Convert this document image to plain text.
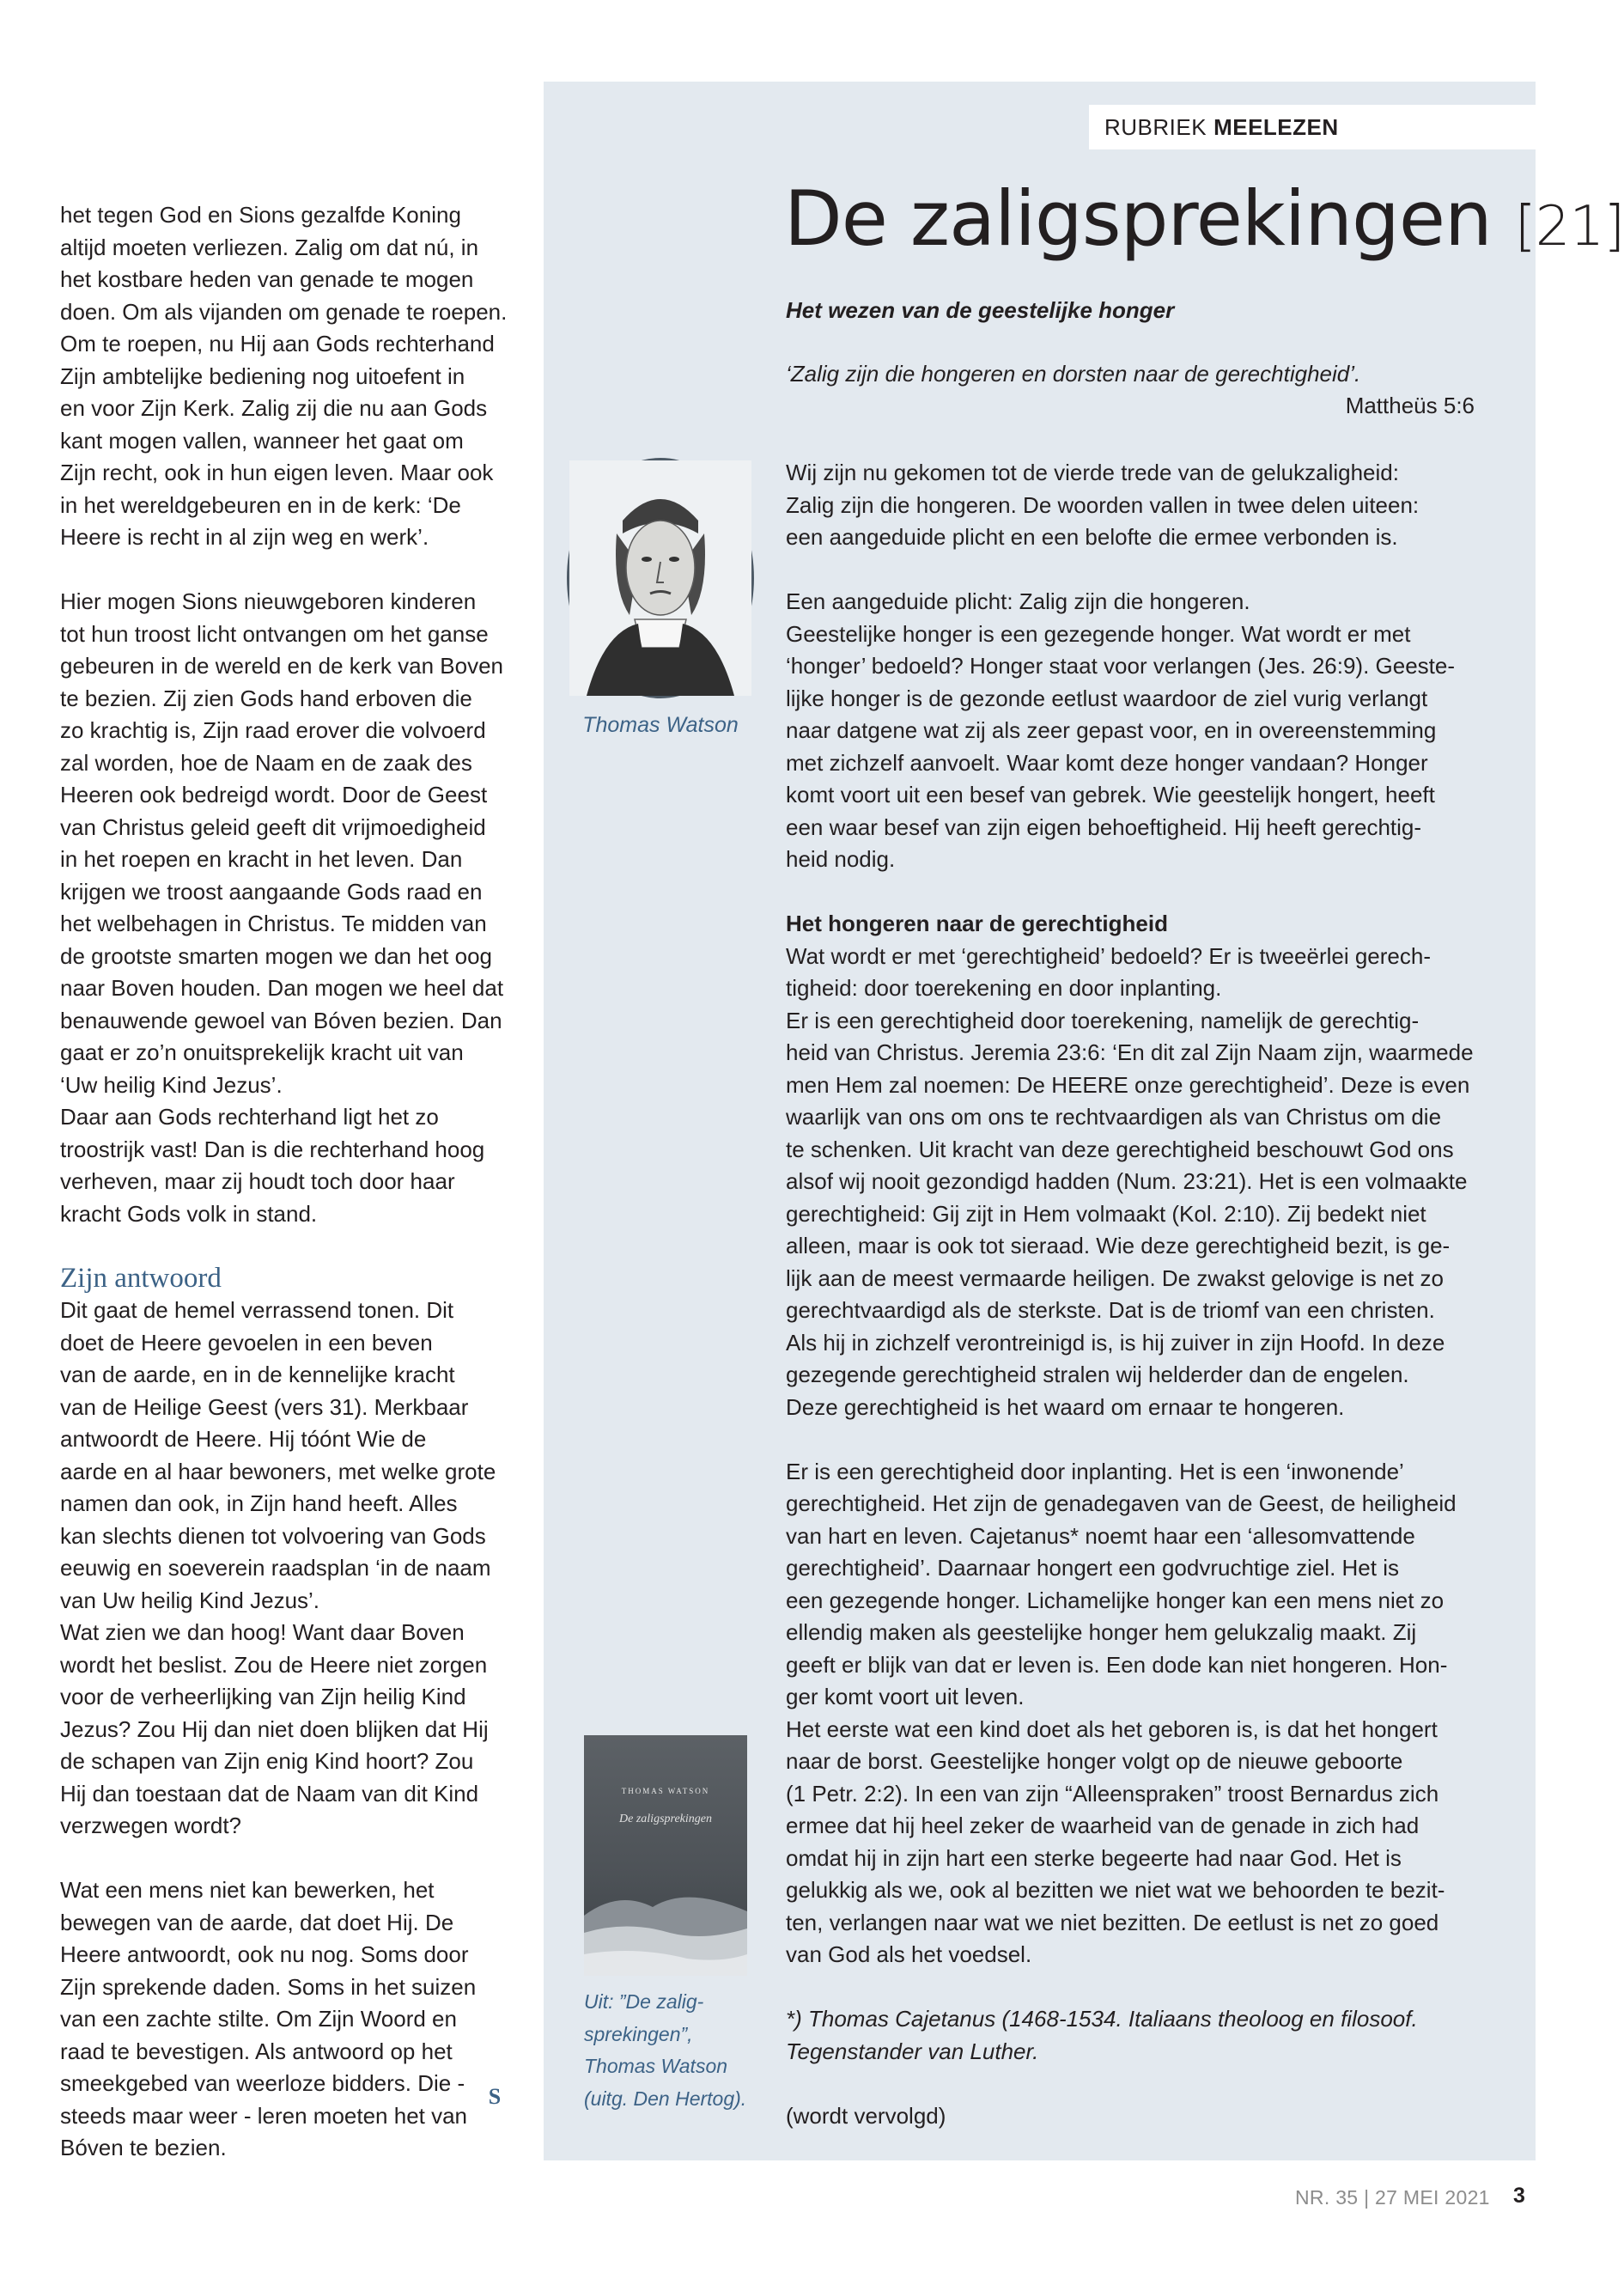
het tegen God en Sions gezalfde Koning
altijd moeten verliezen. Zalig om dat nú, in
het kostbare heden van genade te mogen
doen. Om als vijanden om genade te roepen.
Om te roepen, nu Hij aan Gods rechterhand
Zijn ambtelijke bediening nog uitoefent in
en voor Zijn Kerk. Zalig zij die nu aan Gods
kant mogen vallen, wanneer het gaat om
Zijn recht, ook in hun eigen leven. Maar ook
in het wereldgebeuren en in de kerk: ‘De
Heere is recht in al zijn weg en werk’.
Hier mogen Sions nieuwgeboren kinderen
tot hun troost licht ontvangen om het ganse
gebeuren in de wereld en de kerk van Boven
te bezien. Zij zien Gods hand erboven die
zo krachtig is, Zijn raad erover die volvoerd
zal worden, hoe de Naam en de zaak des
Heeren ook bedreigd wordt. Door de Geest
van Christus geleid geeft dit vrijmoedigheid
in het roepen en kracht in het leven. Dan
krijgen we troost aangaande Gods raad en
het welbehagen in Christus. Te midden van
de grootste smarten mogen we dan het oog
naar Boven houden. Dan mogen we heel dat
benauwende gewoel van Bóven bezien. Dan
gaat er zo’n onuitsprekelijk kracht uit van
‘Uw heilig Kind Jezus’.
Daar aan Gods rechterhand ligt het zo
troostrijk vast! Dan is die rechterhand hoog
verheven, maar zij houdt toch door haar
kracht Gods volk in stand.
Zijn antwoord
Dit gaat de hemel verrassend tonen. Dit
doet de Heere gevoelen in een beven
van de aarde, en in de kennelijke kracht
van de Heilige Geest (vers 31). Merkbaar
antwoordt de Heere. Hij tóónt Wie de
aarde en al haar bewoners, met welke grote
namen dan ook, in Zijn hand heeft. Alles
kan slechts dienen tot volvoering van Gods
eeuwig en soeverein raadsplan ‘in de naam
van Uw heilig Kind Jezus’.
Wat zien we dan hoog! Want daar Boven
wordt het beslist. Zou de Heere niet zorgen
voor de verheerlijking van Zijn heilig Kind
Jezus? Zou Hij dan niet doen blijken dat Hij
de schapen van Zijn enig Kind hoort? Zou
Hij dan toestaan dat de Naam van dit Kind
verzwegen wordt?
Wat een mens niet kan bewerken, het
bewegen van de aarde, dat doet Hij. De
Heere antwoordt, ook nu nog. Soms door
Zijn sprekende daden. Soms in het suizen
van een zachte stilte. Om Zijn Woord en
raad te bevestigen. Als antwoord op het
smeekgebed van weerloze bidders. Die -
steeds maar weer - leren moeten het van
Bóven te bezien.
S
RUBRIEK MEELEZEN
De zaligsprekingen [21]
Het wezen van de geestelijke honger
‘Zalig zijn die hongeren en dorsten naar de gerechtigheid’.
Mattheüs 5:6
Wij zijn nu gekomen tot de vierde trede van de gelukzaligheid:
Zalig zijn die hongeren. De woorden vallen in twee delen uiteen:
een aangeduide plicht en een belofte die ermee verbonden is.
Een aangeduide plicht: Zalig zijn die hongeren.
Geestelijke honger is een gezegende honger. Wat wordt er met
‘honger’ bedoeld? Honger staat voor verlangen (Jes. 26:9). Geeste-
lijke honger is de gezonde eetlust waardoor de ziel vurig verlangt
naar datgene wat zij als zeer gepast voor, en in overeenstemming
met zichzelf aanvoelt. Waar komt deze honger vandaan? Honger
komt voort uit een besef van gebrek. Wie geestelijk hongert, heeft
een waar besef van zijn eigen behoeftigheid. Hij heeft gerechtig-
heid nodig.
Het hongeren naar de gerechtigheid
Wat wordt er met ‘gerechtigheid’ bedoeld? Er is tweeërlei gerech-
tigheid: door toerekening en door inplanting.
Er is een gerechtigheid door toerekening, namelijk de gerechtig-
heid van Christus. Jeremia 23:6: ‘En dit zal Zijn Naam zijn, waarmede
men Hem zal noemen: De HEERE onze gerechtigheid’. Deze is even
waarlijk van ons om ons te rechtvaardigen als van Christus om die
te schenken. Uit kracht van deze gerechtigheid beschouwt God ons
alsof wij nooit gezondigd hadden (Num. 23:21). Het is een volmaakte
gerechtigheid: Gij zijt in Hem volmaakt (Kol. 2:10). Zij bedekt niet
alleen, maar is ook tot sieraad. Wie deze gerechtigheid bezit, is ge-
lijk aan de meest vermaarde heiligen. De zwakst gelovige is net zo
gerechtvaardigd als de sterkste. Dat is de triomf van een christen.
Als hij in zichzelf verontreinigd is, is hij zuiver in zijn Hoofd. In deze
gezegende gerechtigheid stralen wij helderder dan de engelen.
Deze gerechtigheid is het waard om ernaar te hongeren.
Er is een gerechtigheid door inplanting. Het is een ‘inwonende’
gerechtigheid. Het zijn de genadegaven van de Geest, de heiligheid
van hart en leven. Cajetanus* noemt haar een ‘allesomvattende
gerechtigheid’. Daarnaar hongert een godvruchtige ziel. Het is
een gezegende honger. Lichamelijke honger kan een mens niet zo
ellendig maken als geestelijke honger hem gelukzalig maakt. Zij
geeft er blijk van dat er leven is. Een dode kan niet hongeren. Hon-
ger komt voort uit leven.
Het eerste wat een kind doet als het geboren is, is dat het hongert
naar de borst. Geestelijke honger volgt op de nieuwe geboorte
(1 Petr. 2:2). In een van zijn “Alleenspraken” troost Bernardus zich
ermee dat hij heel zeker de waarheid van de genade in zich had
omdat hij in zijn hart een sterke begeerte had naar God. Het is
gelukkig als we, ook al bezitten we niet wat we behoorden te bezit-
ten, verlangen naar wat we niet bezitten. De eetlust is net zo goed
van God als het voedsel.
*) Thomas Cajetanus (1468-1534. Italiaans theoloog en filosoof.
Tegenstander van Luther.
(wordt vervolgd)
Thomas Watson
THOMAS WATSON
De zaligsprekingen
Uit: ”De zalig-
sprekingen”,
Thomas Watson
(uitg. Den Hertog).
NR. 35 | 27 MEI 2021 3
